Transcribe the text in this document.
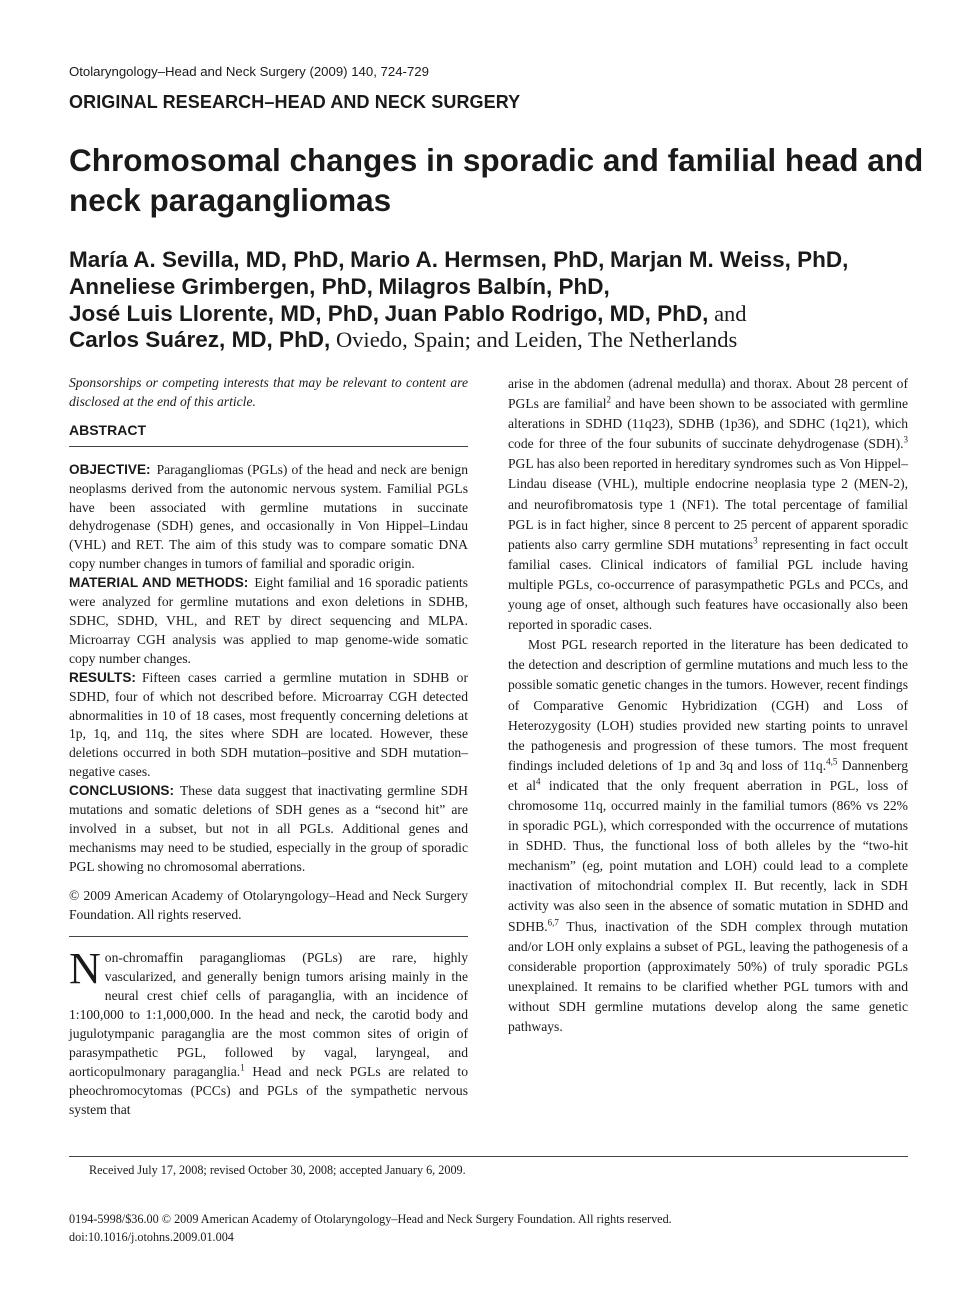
Otolaryngology–Head and Neck Surgery (2009) 140, 724-729
ORIGINAL RESEARCH–HEAD AND NECK SURGERY
Chromosomal changes in sporadic and familial head and neck paragangliomas
María A. Sevilla, MD, PhD, Mario A. Hermsen, PhD, Marjan M. Weiss, PhD,
Anneliese Grimbergen, PhD, Milagros Balbín, PhD,
José Luis Llorente, MD, PhD, Juan Pablo Rodrigo, MD, PhD, and
Carlos Suárez, MD, PhD, Oviedo, Spain; and Leiden, The Netherlands

Sponsorships or competing interests that may be relevant to content are disclosed at the end of this article.

ABSTRACT

OBJECTIVE: Paragangliomas (PGLs) of the head and neck are benign neoplasms derived from the autonomic nervous system. Familial PGLs have been associated with germline mutations in succinate dehydrogenase (SDH) genes, and occasionally in Von Hippel–Lindau (VHL) and RET. The aim of this study was to compare somatic DNA copy number changes in tumors of familial and sporadic origin.

MATERIAL AND METHODS: Eight familial and 16 sporadic patients were analyzed for germline mutations and exon deletions in SDHB, SDHC, SDHD, VHL, and RET by direct sequencing and MLPA. Microarray CGH analysis was applied to map genome-wide somatic copy number changes.

RESULTS: Fifteen cases carried a germline mutation in SDHB or SDHD, four of which not described before. Microarray CGH detected abnormalities in 10 of 18 cases, most frequently concerning deletions at 1p, 1q, and 11q, the sites where SDH are located. However, these deletions occurred in both SDH mutation–positive and SDH mutation–negative cases.

CONCLUSIONS: These data suggest that inactivating germline SDH mutations and somatic deletions of SDH genes as a “second hit” are involved in a subset, but not in all PGLs. Additional genes and mechanisms may need to be studied, especially in the group of sporadic PGL showing no chromosomal aberrations.

© 2009 American Academy of Otolaryngology–Head and Neck Surgery Foundation. All rights reserved.

Non-chromaffin paragangliomas (PGLs) are rare, highly vascularized, and generally benign tumors arising mainly in the neural crest chief cells of paraganglia, with an incidence of 1:100,000 to 1:1,000,000. In the head and neck, the carotid body and jugulotympanic paraganglia are the most common sites of origin of parasympathetic PGL, followed by vagal, laryngeal, and aorticopulmonary paraganglia.$^1$ Head and neck PGLs are related to pheochromocytomas (PCCs) and PGLs of the sympathetic nervous system that

arise in the abdomen (adrenal medulla) and thorax. About 28 percent of PGLs are familial$^2$ and have been shown to be associated with germline alterations in SDHD (11q23), SDHB (1p36), and SDHC (1q21), which code for three of the four subunits of succinate dehydrogenase (SDH).$^3$ PGL has also been reported in hereditary syndromes such as Von Hippel–Lindau disease (VHL), multiple endocrine neoplasia type 2 (MEN-2), and neurofibromatosis type 1 (NF1). The total percentage of familial PGL is in fact higher, since 8 percent to 25 percent of apparent sporadic patients also carry germline SDH mutations$^3$ representing in fact occult familial cases. Clinical indicators of familial PGL include having multiple PGLs, co-occurrence of parasympathetic PGLs and PCCs, and young age of onset, although such features have occasionally also been reported in sporadic cases.

Most PGL research reported in the literature has been dedicated to the detection and description of germline mutations and much less to the possible somatic genetic changes in the tumors. However, recent findings of Comparative Genomic Hybridization (CGH) and Loss of Heterozygosity (LOH) studies provided new starting points to unravel the pathogenesis and progression of these tumors. The most frequent findings included deletions of 1p and 3q and loss of 11q.$^{4,5}$ Dannenberg et $al^4$ indicated that the only frequent aberration in PGL, loss of chromosome 11q, occurred mainly in the familial tumors (86% vs 22% in sporadic PGL), which corresponded with the occurrence of mutations in SDHD. Thus, the functional loss of both alleles by the “two-hit mechanism” (eg, point mutation and LOH) could lead to a complete inactivation of mitochondrial complex II. But recently, lack in SDH activity was also seen in the absence of somatic mutation in SDHD and SDHB.$^{6,7}$ Thus, inactivation of the SDH complex through mutation and/or LOH only explains a subset of PGL, leaving the pathogenesis of a considerable proportion (approximately 50%) of truly sporadic PGLs unexplained. It remains to be clarified whether PGL tumors with and without SDH germline mutations develop along the same genetic pathways.

Received July 17, 2008; revised October 30, 2008; accepted January 6, 2009.
0194-5998/$36.00 © 2009 American Academy of Otolaryngology–Head and Neck Surgery Foundation. All rights reserved.
doi:10.1016/j.otohns.2009.01.004
